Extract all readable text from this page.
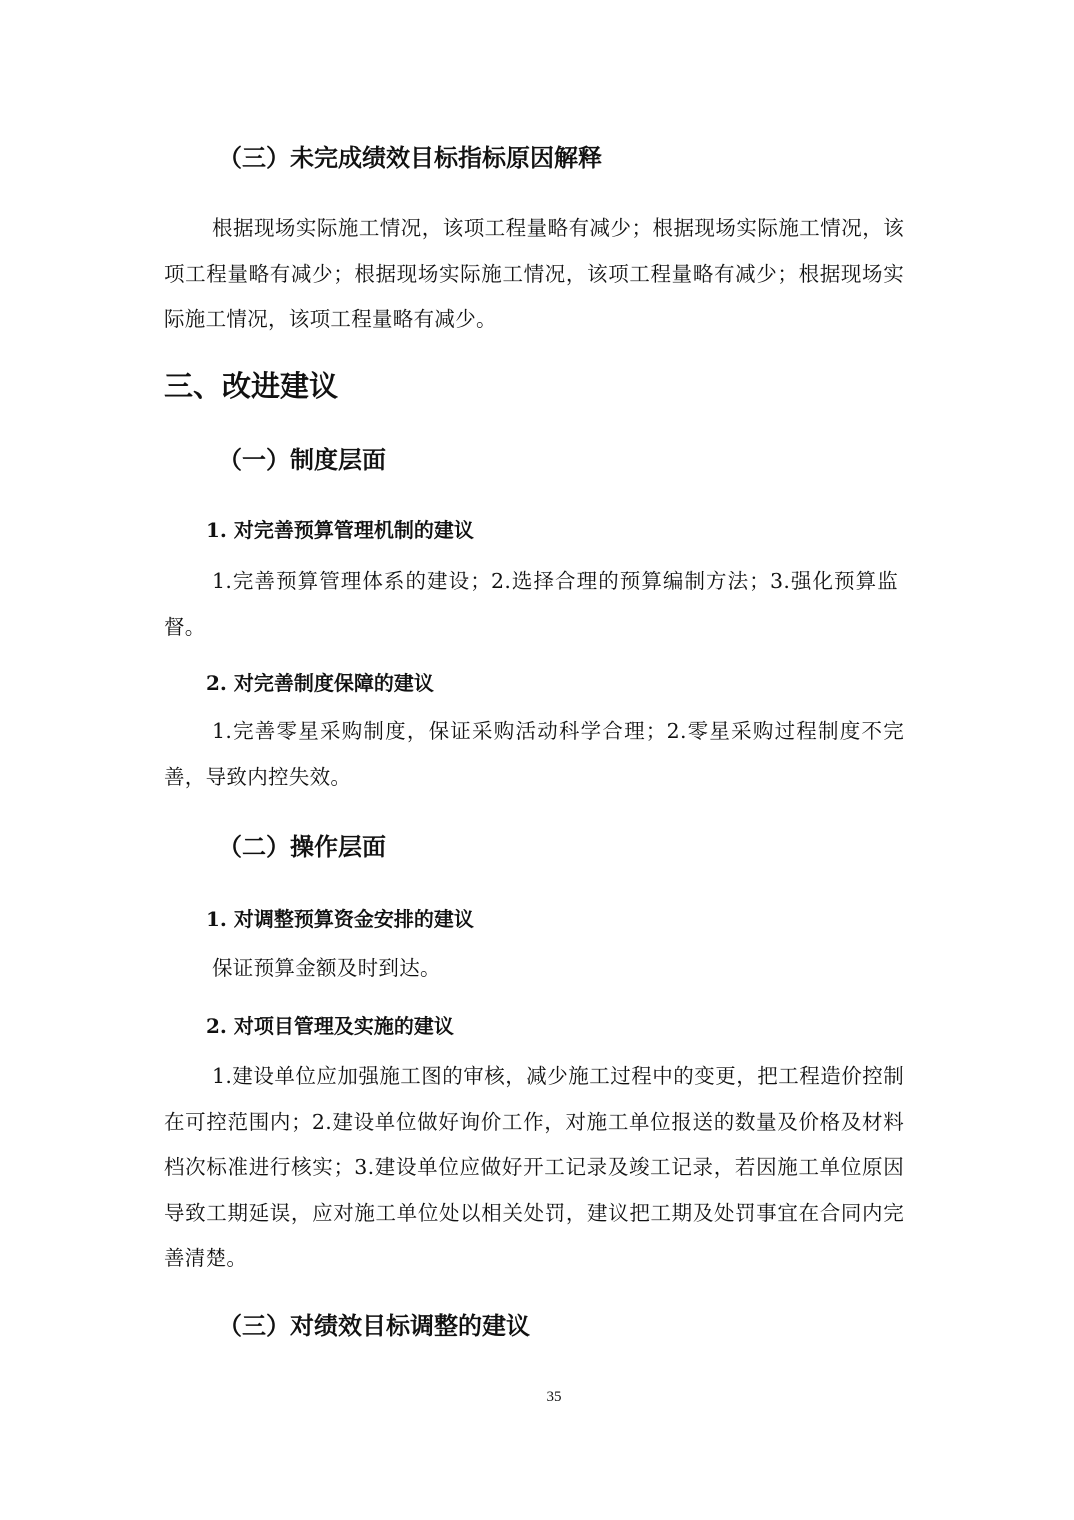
（三）未完成绩效目标指标原因解释

根据现场实际施工情况，该项工程量略有减少；根据现场实际施工情况，该项工程量略有减少；根据现场实际施工情况，该项工程量略有减少；根据现场实际施工情况，该项工程量略有减少。

三、改进建议
（一）制度层面
1. 对完善预算管理机制的建议

1.完善预算管理体系的建设；2.选择合理的预算编制方法；3.强化预算监督。

2. 对完善制度保障的建议

1.完善零星采购制度，保证采购活动科学合理；2.零星采购过程制度不完善，导致内控失效。

（二）操作层面
1. 对调整预算资金安排的建议

保证预算金额及时到达。

2. 对项目管理及实施的建议

1.建设单位应加强施工图的审核，减少施工过程中的变更，把工程造价控制在可控范围内；2.建设单位做好询价工作，对施工单位报送的数量及价格及材料档次标准进行核实；3.建设单位应做好开工记录及竣工记录，若因施工单位原因导致工期延误，应对施工单位处以相关处罚，建议把工期及处罚事宜在合同内完善清楚。

（三）对绩效目标调整的建议
35
